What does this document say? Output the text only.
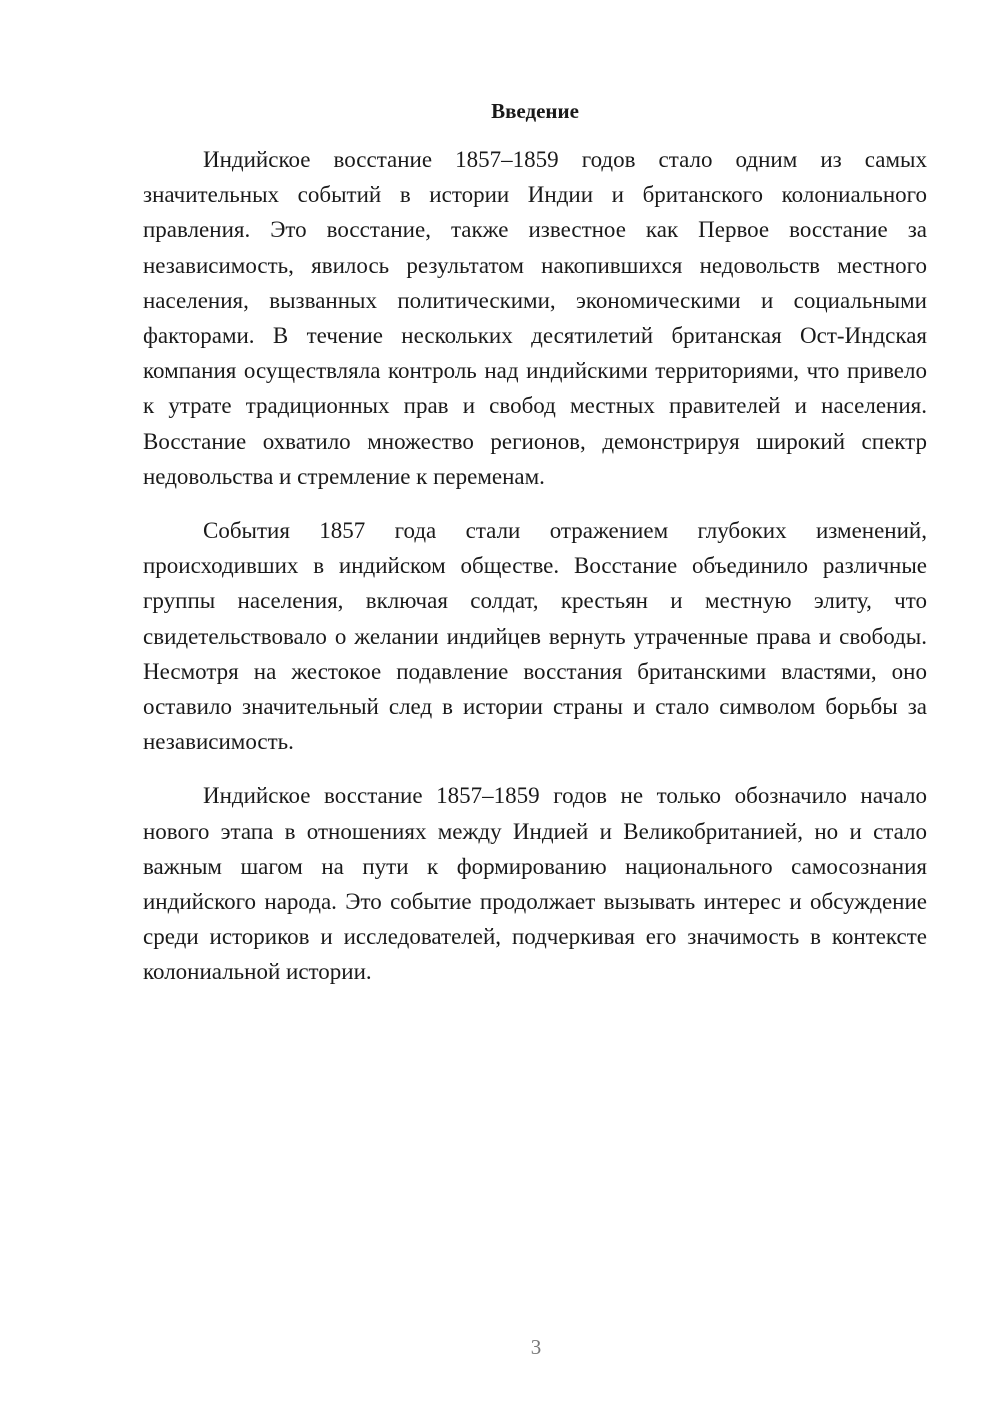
Введение

Индийское восстание 1857–1859 годов стало одним из самых значительных событий в истории Индии и британского колониального правления. Это восстание, также известное как Первое восстание за независимость, явилось результатом накопившихся недовольств местного населения, вызванных политическими, экономическими и социальными факторами. В течение нескольких десятилетий британская Ост-Индская компания осуществляла контроль над индийскими территориями, что привело к утрате традиционных прав и свобод местных правителей и населения. Восстание охватило множество регионов, демонстрируя широкий спектр недовольства и стремление к переменам.

События 1857 года стали отражением глубоких изменений, происходивших в индийском обществе. Восстание объединило различные группы населения, включая солдат, крестьян и местную элиту, что свидетельствовало о желании индийцев вернуть утраченные права и свободы. Несмотря на жестокое подавление восстания британскими властями, оно оставило значительный след в истории страны и стало символом борьбы за независимость.

Индийское восстание 1857–1859 годов не только обозначило начало нового этапа в отношениях между Индией и Великобританией, но и стало важным шагом на пути к формированию национального самосознания индийского народа. Это событие продолжает вызывать интерес и обсуждение среди историков и исследователей, подчеркивая его значимость в контексте колониальной истории.

3
